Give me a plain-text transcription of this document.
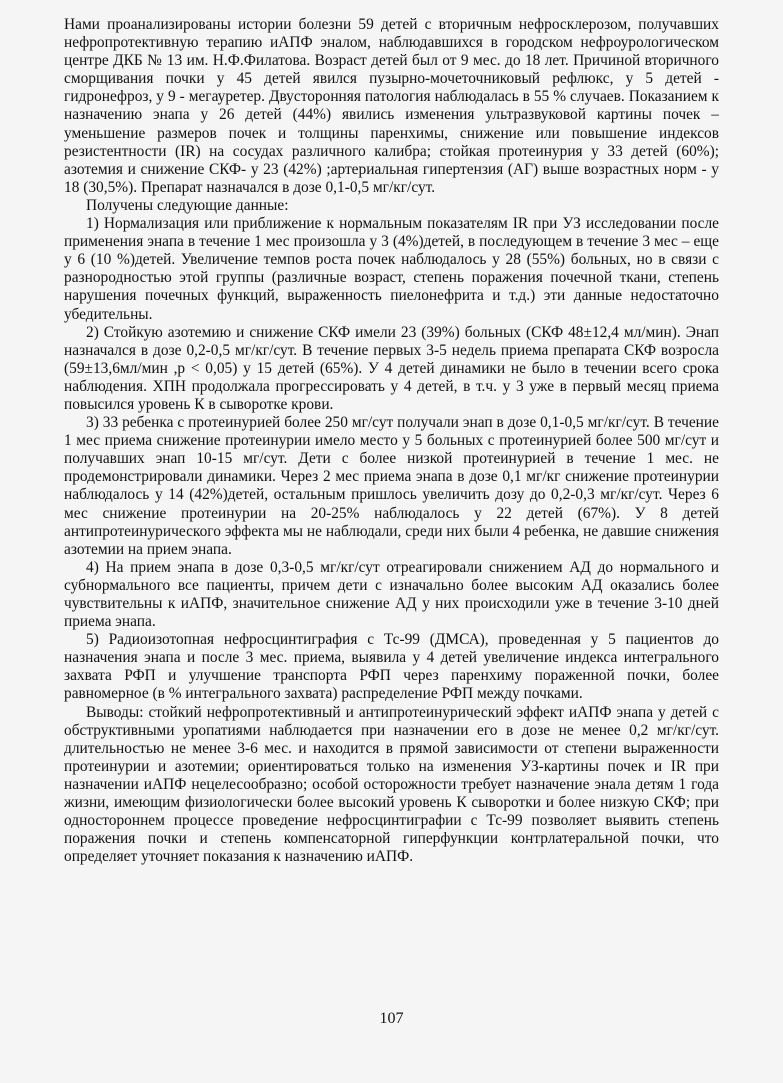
Нами проанализированы истории болезни 59 детей с вторичным нефросклерозом, получавших нефропротективную терапию иАПФ эналом, наблюдавшихся в городском нефроурологическом центре ДКБ № 13 им. Н.Ф.Филатова. Возраст детей был от 9 мес. до 18 лет. Причиной вторичного сморщивания почки у 45 детей явился пузырно-мочеточниковый рефлюкс, у 5 детей - гидронефроз, у 9 - мегауретер. Двусторонняя патология наблюдалась в 55 % случаев. Показанием к назначению энапа у 26 детей (44%) явились изменения ультразвуковой картины почек – уменьшение размеров почек и толщины паренхимы, снижение или повышение индексов резистентности (IR) на сосудах различного калибра; стойкая протеинурия у 33 детей (60%); азотемия и снижение СКФ- у 23 (42%) ;артериальная гипертензия (АГ) выше возрастных норм - у 18 (30,5%). Препарат назначался в дозе 0,1-0,5 мг/кг/сут.

Получены следующие данные:

1) Нормализация или приближение к нормальным показателям IR при УЗ исследовании после применения энапа в течение 1 мес произошла у 3 (4%)детей, в последующем в течение 3 мес – еще у 6 (10 %)детей. Увеличение темпов роста почек наблюдалось у 28 (55%) больных, но в связи с разнородностью этой группы (различные возраст, степень поражения почечной ткани, степень нарушения почечных функций, выраженность пиелонефрита и т.д.) эти данные недостаточно убедительны.

2) Стойкую азотемию и снижение СКФ имели 23 (39%) больных (СКФ 48±12,4 мл/мин). Энап назначался в дозе 0,2-0,5 мг/кг/сут. В течение первых 3-5 недель приема препарата СКФ возросла (59±13,6мл/мин ,р < 0,05) у 15 детей (65%). У 4 детей динамики не было в течении всего срока наблюдения. ХПН продолжала прогрессировать у 4 детей, в т.ч. у 3 уже в первый месяц приема повысился уровень К в сыворотке крови.

3) 33 ребенка с протеинурией более 250 мг/сут получали энап в дозе 0,1-0,5 мг/кг/сут. В течение 1 мес приема снижение протеинурии имело место у 5 больных с протеинурией более 500 мг/сут и получавших энап 10-15 мг/сут. Дети с более низкой протеинурией в течение 1 мес. не продемонстрировали динамики. Через 2 мес приема энапа в дозе 0,1 мг/кг снижение протеинурии наблюдалось у 14 (42%)детей, остальным пришлось увеличить дозу до 0,2-0,3 мг/кг/сут. Через 6 мес снижение протеинурии на 20-25% наблюдалось у 22 детей (67%). У 8 детей антипротеинурического эффекта мы не наблюдали, среди них были 4 ребенка, не давшие снижения азотемии на прием энапа.

4) На прием энапа в дозе 0,3-0,5 мг/кг/сут отреагировали снижением АД до нормального и субнормального все пациенты, причем дети с изначально более высоким АД оказались более чувствительны к иАПФ, значительное снижение АД у них происходили уже в течение 3-10 дней приема энапа.

5) Радиоизотопная нефросцинтиграфия с Тс-99 (ДМСА), проведенная у 5 пациентов до назначения энапа и после 3 мес. приема, выявила у 4 детей увеличение индекса интегрального захвата РФП и улучшение транспорта РФП через паренхиму пораженной почки, более равномерное (в % интегрального захвата) распределение РФП между почками.

Выводы: стойкий нефропротективный и антипротеинурический эффект иАПФ энапа у детей с обструктивными уропатиями наблюдается при назначении его в дозе не менее 0,2 мг/кг/сут. длительностью не менее 3-6 мес. и находится в прямой зависимости от степени выраженности протеинурии и азотемии; ориентироваться только на изменения УЗ-картины почек и IR при назначении иАПФ нецелесообразно; особой осторожности требует назначение энала детям 1 года жизни, имеющим физиологически более высокий уровень К сыворотки и более низкую СКФ; при одностороннем процессе проведение нефросцинтиграфии с Тс-99 позволяет выявить степень поражения почки и степень компенсаторной гиперфункции контрлатеральной почки, что определяет уточняет показания к назначению иАПФ.

107
